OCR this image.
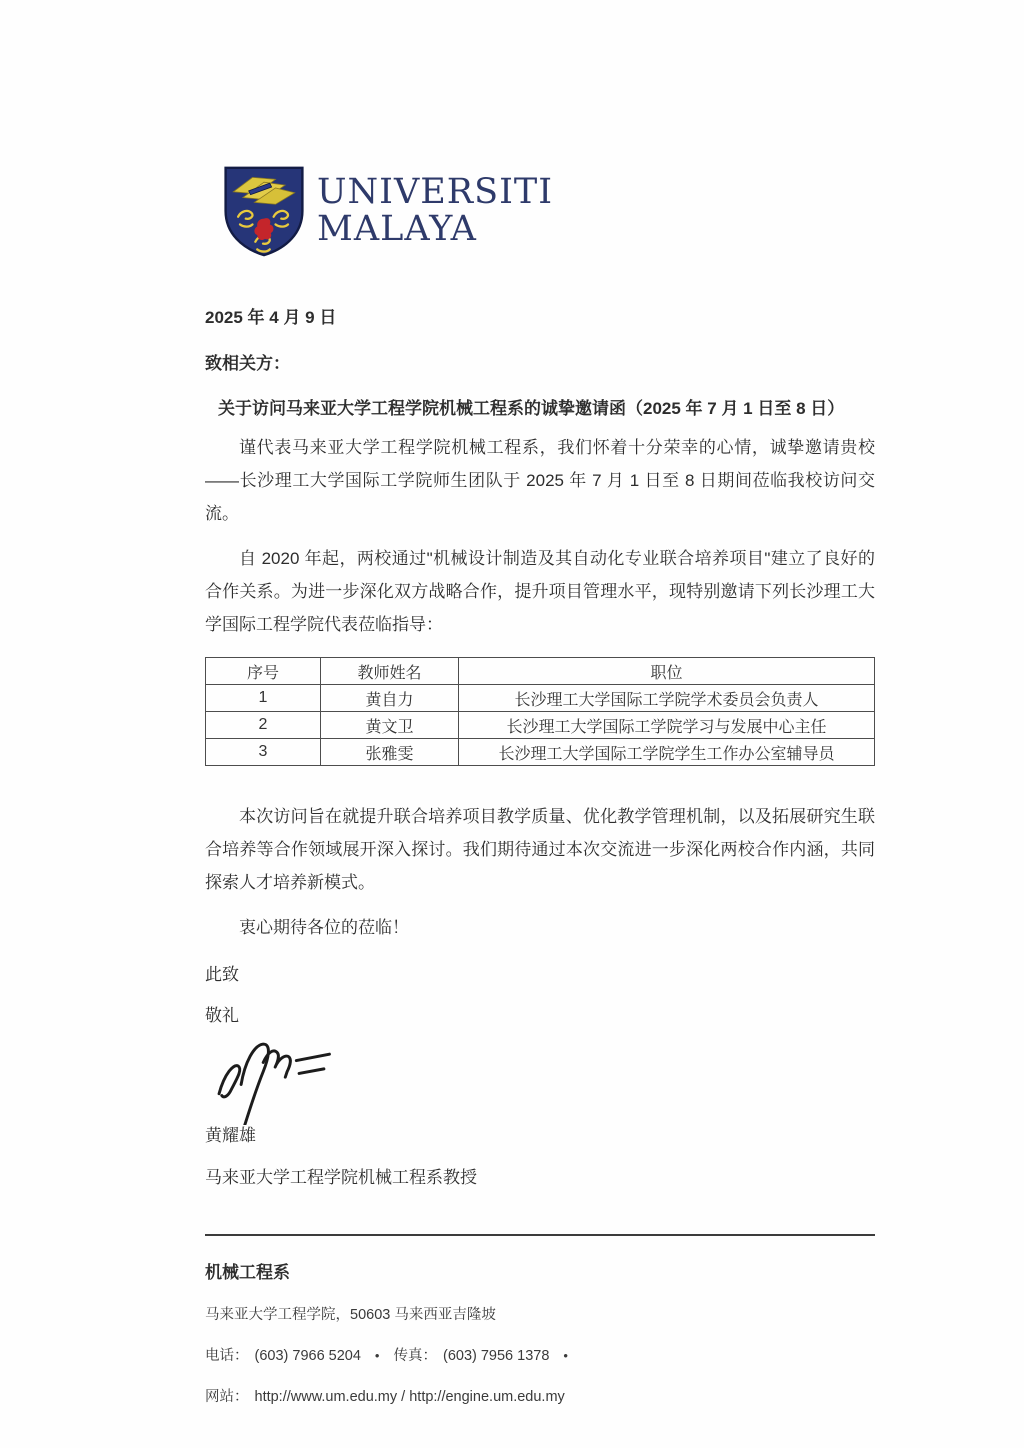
UNIVERSITI
MALAYA
2025 年 4 月 9 日
致相关方：
关于访问马来亚大学工程学院机械工程系的诚挚邀请函（2025 年 7 月 1 日至 8 日）

谨代表马来亚大学工程学院机械工程系，我们怀着十分荣幸的心情，诚挚邀请贵校——长沙理工大学国际工学院师生团队于 2025 年 7 月 1 日至 8 日期间莅临我校访问交流。

自 2020 年起，两校通过"机械设计制造及其自动化专业联合培养项目"建立了良好的合作关系。为进一步深化双方战略合作，提升项目管理水平，现特别邀请下列长沙理工大学国际工程学院代表莅临指导：

序号	教师姓名	职位
1	黄自力	长沙理工大学国际工学院学术委员会负责人
2	黄文卫	长沙理工大学国际工学院学习与发展中心主任
3	张雅雯	长沙理工大学国际工学院学生工作办公室辅导员

本次访问旨在就提升联合培养项目教学质量、优化教学管理机制，以及拓展研究生联合培养等合作领域展开深入探讨。我们期待通过本次交流进一步深化两校合作内涵，共同探索人才培养新模式。

衷心期待各位的莅临！

此致
敬礼
黄耀雄
马来亚大学工程学院机械工程系教授
机械工程系
马来亚大学工程学院，50603 马来西亚吉隆坡
电话： (603) 7966 5204 • 传真： (603) 7956 1378 •
网站： http://www.um.edu.my / http://engine.um.edu.my
